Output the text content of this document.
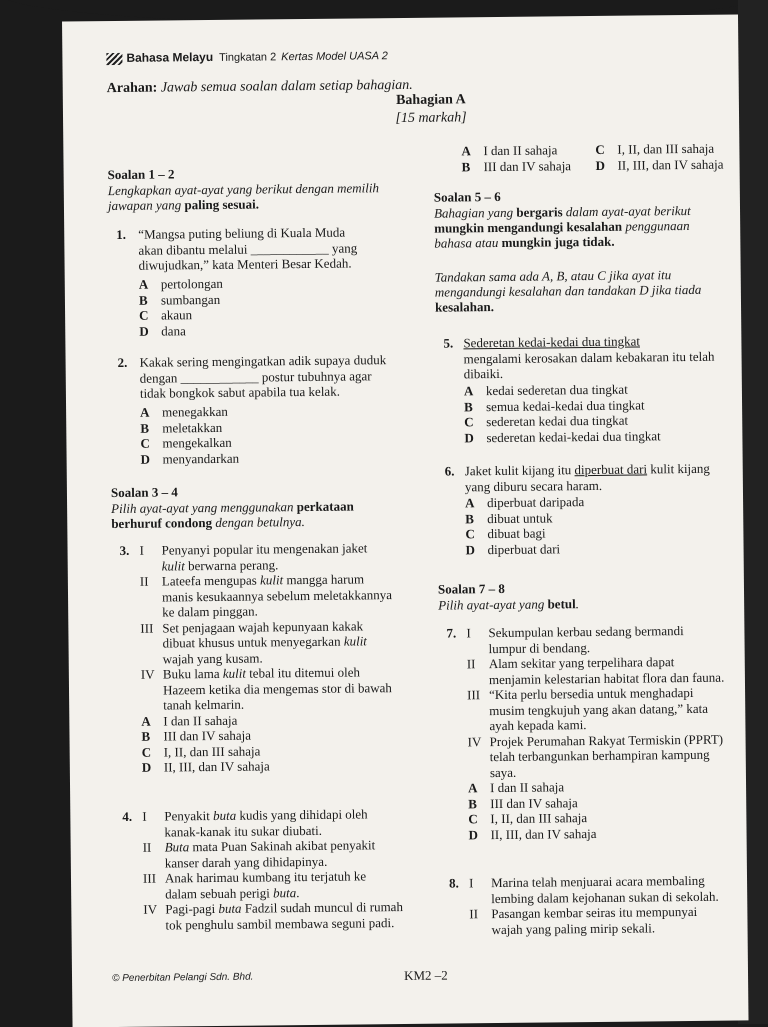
Bahasa Melayu Tingkatan 2 Kertas Model UASA 2
Arahan: Jawab semua soalan dalam setiap bahagian.
Bahagian A
[15 markah]
Soalan 1 – 2
Lengkapkan ayat-ayat yang berikut dengan memilih jawapan yang paling sesuai.
1. “Mangsa puting beliung di Kuala Muda
akan dibantu melalui ____________ yang
diwujudkan,” kata Menteri Besar Kedah.
A pertolongan
B sumbangan
C akaun
D dana
2. Kakak sering mengingatkan adik supaya duduk
dengan ____________ postur tubuhnya agar
tidak bongkok sabut apabila tua kelak.
A menegakkan
B meletakkan
C mengekalkan
D menyandarkan
Soalan 3 – 4
Pilih ayat-ayat yang menggunakan perkataan
berhuruf condong dengan betulnya.
3. I Penyanyi popular itu mengenakan jaket
kulit berwarna perang.
II Lateefa mengupas kulit mangga harum
manis kesukaannya sebelum meletakkannya
ke dalam pinggan.
III Set penjagaan wajah kepunyaan kakak
dibuat khusus untuk menyegarkan kulit
wajah yang kusam.
IV Buku lama kulit tebal itu ditemui oleh
Hazeem ketika dia mengemas stor di bawah
tanah kelmarin.
A I dan II sahaja
B III dan IV sahaja
C I, II, dan III sahaja
D II, III, dan IV sahaja
4. I Penyakit buta kudis yang dihidapi oleh
kanak-kanak itu sukar diubati.
II Buta mata Puan Sakinah akibat penyakit
kanser darah yang dihidapinya.
III Anak harimau kumbang itu terjatuh ke
dalam sebuah perigi buta.
IV Pagi-pagi buta Fadzil sudah muncul di rumah
tok penghulu sambil membawa seguni padi.
A I dan II sahaja	C I, II, dan III sahaja
B III dan IV sahaja D II, III, dan IV sahaja
Soalan 5 – 6
Bahagian yang bergaris dalam ayat-ayat berikut
mungkin mengandungi kesalahan penggunaan
bahasa atau mungkin juga tidak.
Tandakan sama ada A, B, atau C jika ayat itu
mengandungi kesalahan dan tandakan D jika tiada
kesalahan.
5. Sederetan kedai-kedai dua tingkat
mengalami kerosakan dalam kebakaran itu telah
dibaiki.
A kedai sederetan dua tingkat
B semua kedai-kedai dua tingkat
C sederetan kedai dua tingkat
D sederetan kedai-kedai dua tingkat
6. Jaket kulit kijang itu diperbuat dari kulit kijang
yang diburu secara haram.
A diperbuat daripada
B dibuat untuk
C dibuat bagi
D diperbuat dari
Soalan 7 – 8
Pilih ayat-ayat yang betul.
7. I Sekumpulan kerbau sedang bermandi
lumpur di bendang.
II Alam sekitar yang terpelihara dapat
menjamin kelestarian habitat flora dan fauna.
III “Kita perlu bersedia untuk menghadapi
musim tengkujuh yang akan datang,” kata
ayah kepada kami.
IV Projek Perumahan Rakyat Termiskin (PPRT)
telah terbangunkan berhampiran kampung
saya.
A I dan II sahaja
B III dan IV sahaja
C I, II, dan III sahaja
D II, III, dan IV sahaja
8. I Marina telah menjuarai acara membaling
lembing dalam kejohanan sukan di sekolah.
II Pasangan kembar seiras itu mempunyai
wajah yang paling mirip sekali.
© Penerbitan Pelangi Sdn. Bhd.	KM2 –2
